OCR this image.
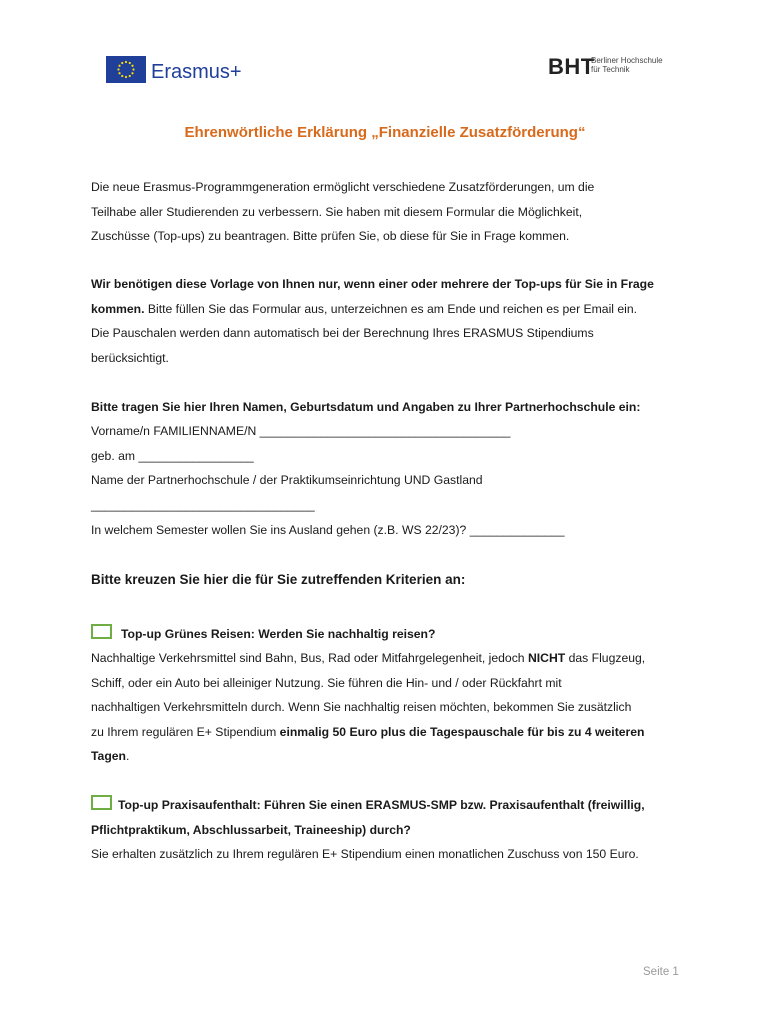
Erasmus+	BHT
Berliner Hochschule
für Technik
Ehrenwörtliche Erklärung „Finanzielle Zusatzförderung“
Die neue Erasmus-Programmgeneration ermöglicht verschiedene Zusatzförderungen, um die
Teilhabe aller Studierenden zu verbessern. Sie haben mit diesem Formular die Möglichkeit,
Zuschüsse (Top-ups) zu beantragen. Bitte prüfen Sie, ob diese für Sie in Frage kommen.
Wir benötigen diese Vorlage von Ihnen nur, wenn einer oder mehrere der Top-ups für Sie in Frage
kommen. Bitte füllen Sie das Formular aus, unterzeichnen es am Ende und reichen es per Email ein.
Die Pauschalen werden dann automatisch bei der Berechnung Ihres ERASMUS Stipendiums
berücksichtigt.
Bitte tragen Sie hier Ihren Namen, Geburtsdatum und Angaben zu Ihrer Partnerhochschule ein:
Vorname/n FAMILIENNAME/N _____________________________________
geb. am _________________
Name der Partnerhochschule / der Praktikumseinrichtung UND Gastland
_________________________________
In welchem Semester wollen Sie ins Ausland gehen (z.B. WS 22/23)? ______________
Bitte kreuzen Sie hier die für Sie zutreffenden Kriterien an:
Top-up Grünes Reisen: Werden Sie nachhaltig reisen?
Nachhaltige Verkehrsmittel sind Bahn, Bus, Rad oder Mitfahrgelegenheit, jedoch NICHT das Flugzeug,
Schiff, oder ein Auto bei alleiniger Nutzung. Sie führen die Hin- und / oder Rückfahrt mit
nachhaltigen Verkehrsmitteln durch. Wenn Sie nachhaltig reisen möchten, bekommen Sie zusätzlich
zu Ihrem regulären E+ Stipendium einmalig 50 Euro plus die Tagespauschale für bis zu 4 weiteren
Tagen.
Top-up Praxisaufenthalt: Führen Sie einen ERASMUS-SMP bzw. Praxisaufenthalt (freiwillig,
Pflichtpraktikum, Abschlussarbeit, Traineeship) durch?
Sie erhalten zusätzlich zu Ihrem regulären E+ Stipendium einen monatlichen Zuschuss von 150 Euro.
Seite 1
